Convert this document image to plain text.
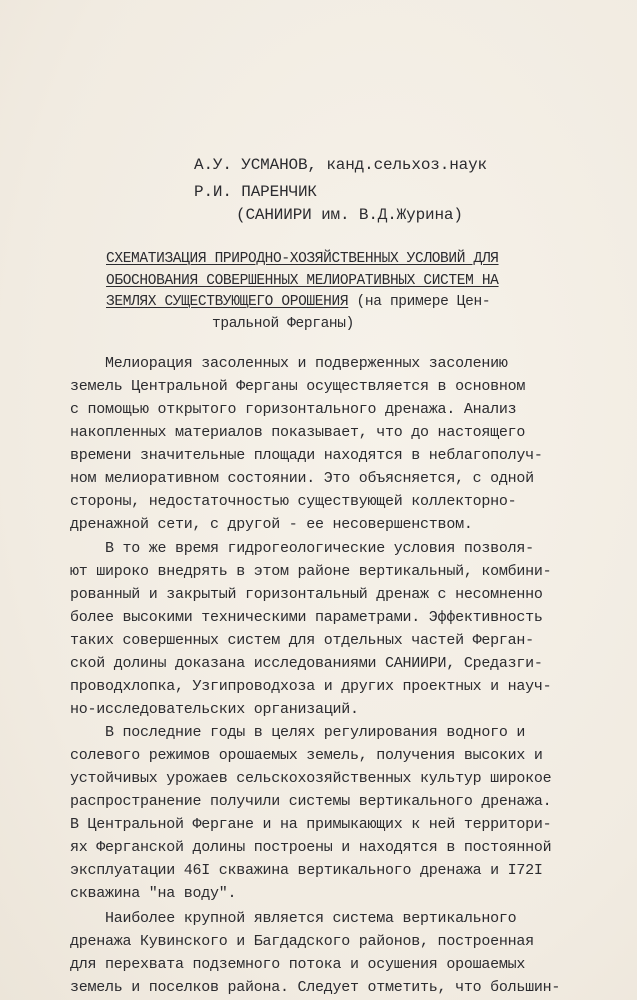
А.У. УСМАНОВ, канд.сельхоз.наук
Р.И. ПАРЕНЧИК
(САНИИРИ им. В.Д.Журина)
СХЕМАТИЗАЦИЯ ПРИРОДНО-ХОЗЯЙСТВЕННЫХ УСЛОВИЙ ДЛЯ
ОБОСНОВАНИЯ СОВЕРШЕННЫХ МЕЛИОРАТИВНЫХ СИСТЕМ НА
ЗЕМЛЯХ СУЩЕСТВУЮЩЕГО ОРОШЕНИЯ (на примере Цен-
тральной Ферганы)
Мелиорация засоленных и подверженных засолению
земель Центральной Ферганы осуществляется в основном
с помощью открытого горизонтального дренажа. Анализ
накопленных материалов показывает, что до настоящего
времени значительные площади находятся в неблагополуч-
ном мелиоративном состоянии. Это объясняется, с одной
стороны, недостаточностью существующей коллекторно-
дренажной сети, с другой - ее несовершенством.
В то же время гидрогеологические условия позволя-
ют широко внедрять в этом районе вертикальный, комбини-
рованный и закрытый горизонтальный дренаж с несомненно
более высокими техническими параметрами. Эффективность
таких совершенных систем для отдельных частей Ферган-
ской долины доказана исследованиями САНИИРИ, Средазги-
проводхлопка, Узгипроводхоза и других проектных и науч-
но-исследовательских организаций.
В последние годы в целях регулирования водного и
солевого режимов орошаемых земель, получения высоких и
устойчивых урожаев сельскохозяйственных культур широкое
распространение получили системы вертикального дренажа.
В Центральной Фергане и на примыкающих к ней территори-
ях Ферганской долины построены и находятся в постоянной
эксплуатации 46I скважина вертикального дренажа и I72I
скважина "на воду".
Наиболее крупной является система вертикального
дренажа Кувинского и Багдадского районов, построенная
для перехвата подземного потока и осушения орошаемых
земель и поселков района. Следует отметить, что большин-
